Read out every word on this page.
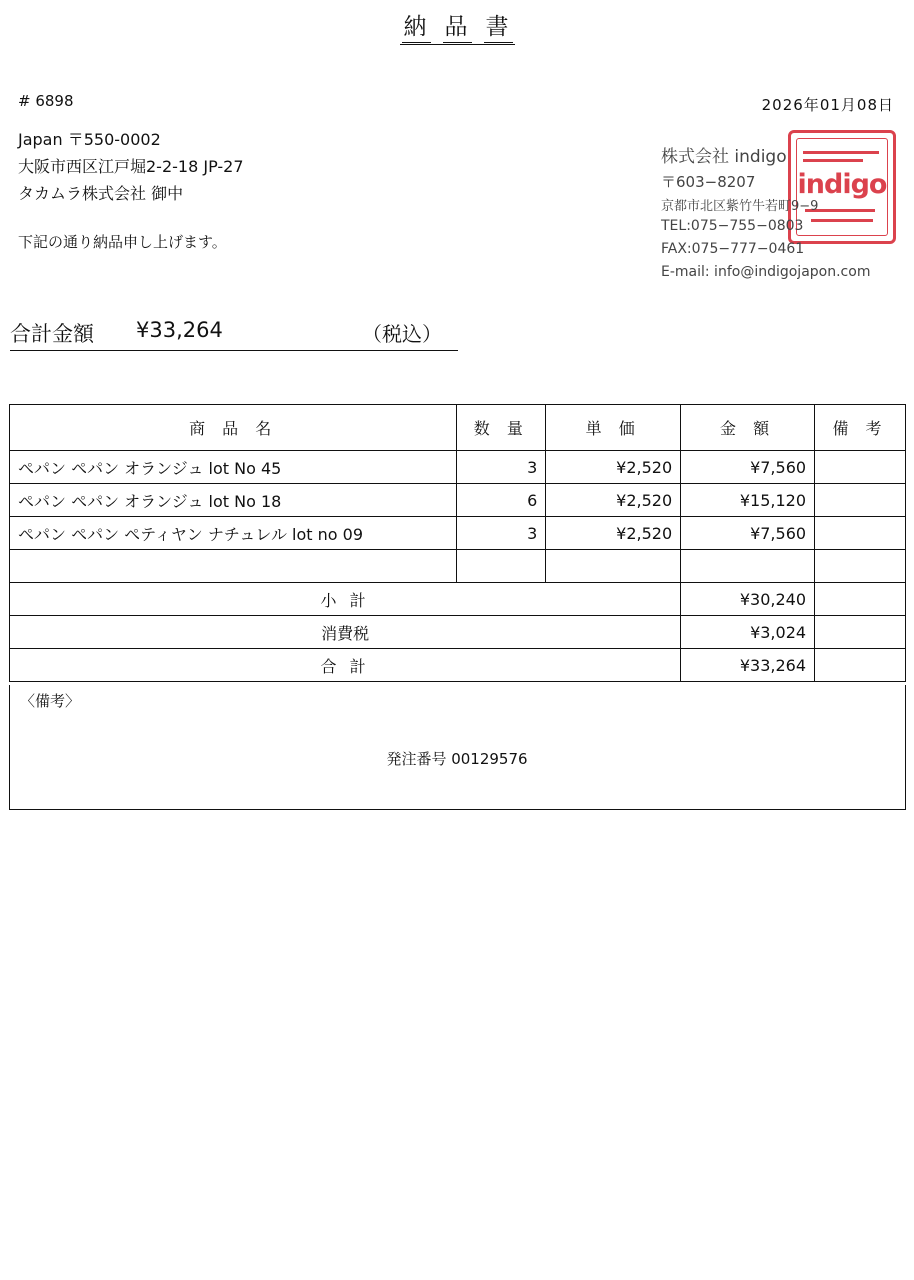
納 品 書
# 6898	2026年01月08日
Japan 〒550-0002
大阪市西区江戸堀2-2-18 JP-27
タカムラ株式会社 御中
下記の通り納品申し上げます。
indigo
株式会社 indigo
〒603−8207
京都市北区紫竹牛若町9−9
TEL:075−755−0803
FAX:075−777−0461
E-mail: info@indigojapon.com
合計金額 ¥33,264	（税込）
商 品 名	数 量	単 価	金 額	備 考
ペパン ペパン オランジュ lot No 45	3	¥2,520	¥7,560	
ペパン ペパン オランジュ lot No 18	6	¥2,520	¥15,120	
ペパン ペパン ペティヤン ナチュレル lot no 09	3	¥2,520	¥7,560	

小 計			¥30,240	
消費税			¥3,024	
合 計			¥33,264	
〈備考〉
発注番号 00129576
